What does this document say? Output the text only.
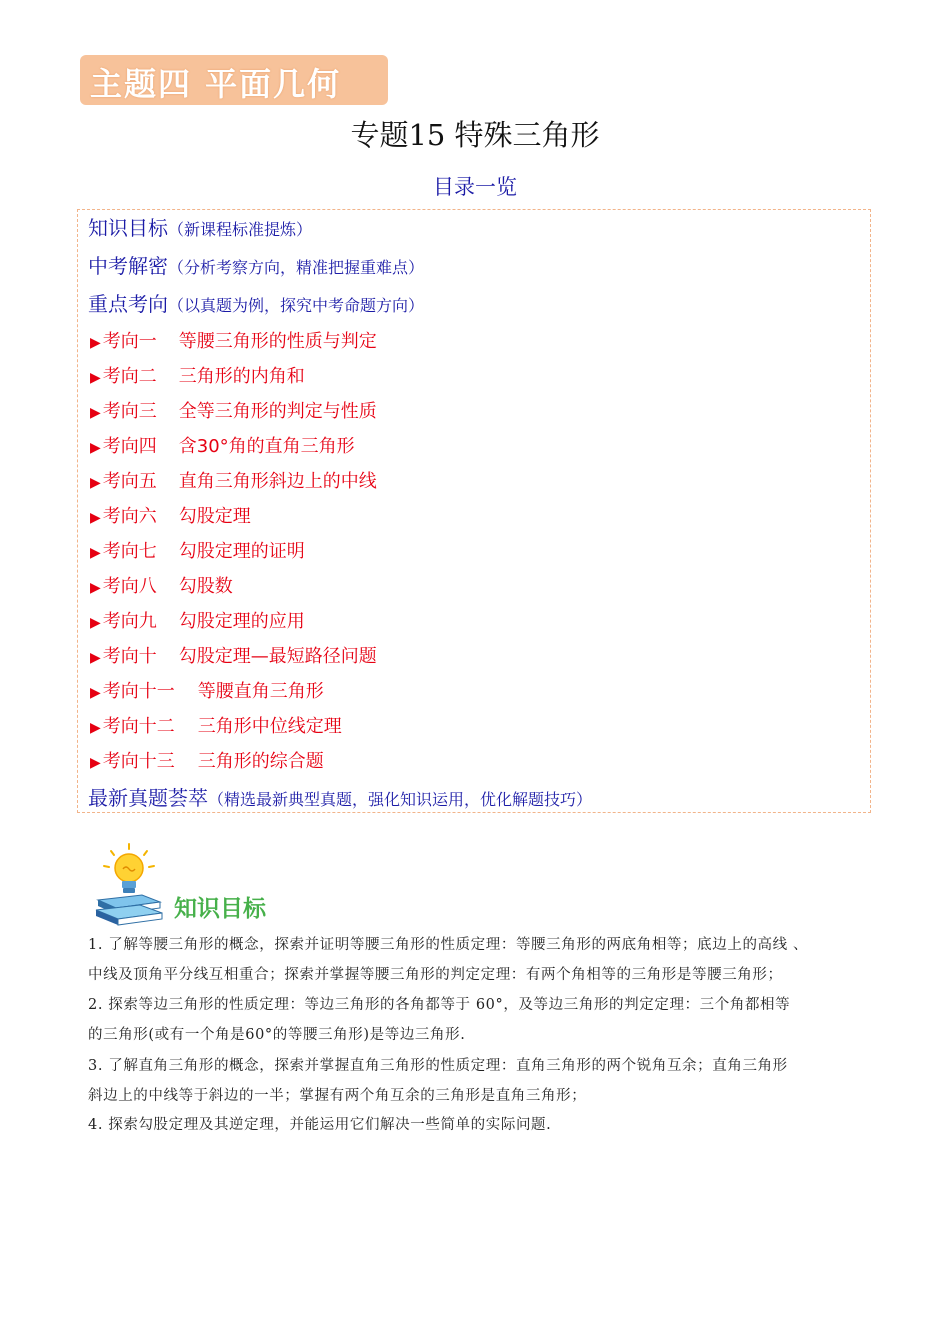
主题四 平面几何
专题15 特殊三角形
目录一览
知识目标（新课程标准提炼）
中考解密（分析考察方向，精准把握重难点）
重点考向（以真题为例，探究中考命题方向）
▶ 考向一 等腰三角形的性质与判定
▶ 考向二 三角形的内角和
▶ 考向三 全等三角形的判定与性质
▶ 考向四 含30°角的直角三角形
▶ 考向五 直角三角形斜边上的中线
▶ 考向六 勾股定理
▶ 考向七 勾股定理的证明
▶ 考向八 勾股数
▶ 考向九 勾股定理的应用
▶ 考向十 勾股定理—最短路径问题
▶ 考向十一 等腰直角三角形
▶ 考向十二 三角形中位线定理
▶ 考向十三 三角形的综合题
最新真题荟萃（精选最新典型真题，强化知识运用，优化解题技巧）
知识目标
1. 了解等腰三角形的概念，探索并证明等腰三角形的性质定理：等腰三角形的两底角相等；底边上的高线 、
中线及顶角平分线互相重合；探索并掌握等腰三角形的判定定理：有两个角相等的三角形是等腰三角形；
2. 探索等边三角形的性质定理：等边三角形的各角都等于 60°，及等边三角形的判定定理：三个角都相等
的三角形(或有一个角是60°的等腰三角形)是等边三角形.
3. 了解直角三角形的概念，探索并掌握直角三角形的性质定理：直角三角形的两个锐角互余；直角三角形
斜边上的中线等于斜边的一半；掌握有两个角互余的三角形是直角三角形；
4. 探索勾股定理及其逆定理，并能运用它们解决一些简单的实际问题.
